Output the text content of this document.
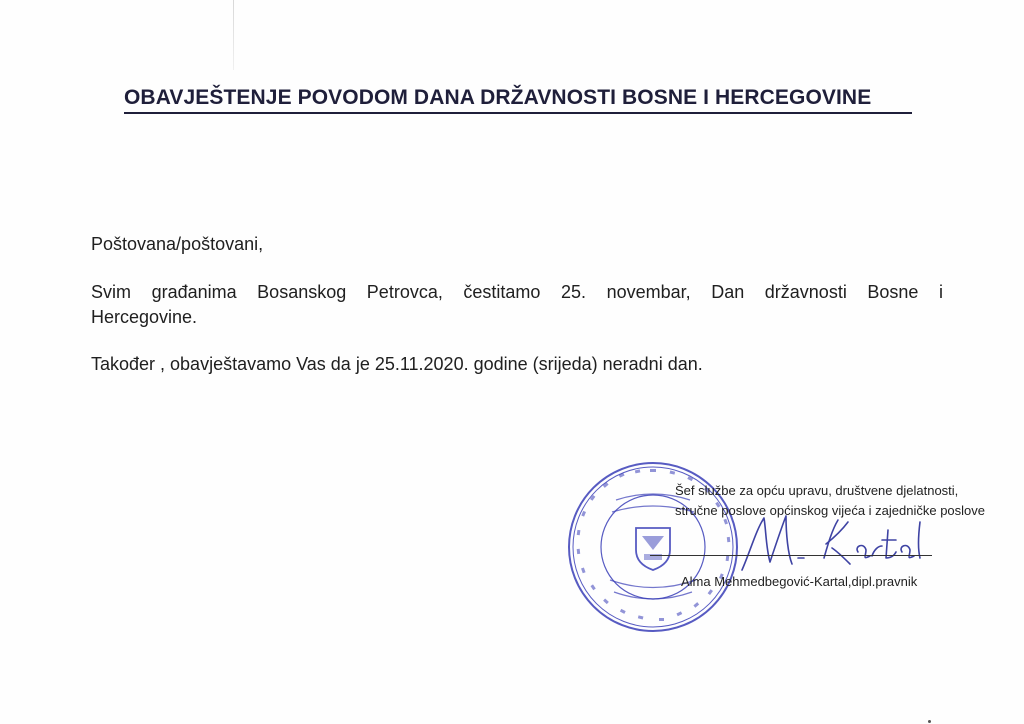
OBAVJEŠTENJE POVODOM DANA DRŽAVNOSTI BOSNE I HERCEGOVINE
Poštovana/poštovani,
Svim građanima Bosanskog Petrovca, čestitamo 25. novembar, Dan državnosti Bosne i
Hercegovine.
Također , obavještavamo Vas da je 25.11.2020. godine (srijeda) neradni dan.
Šef službe za opću upravu, društvene djelatnosti,
stručne poslove općinskog vijeća i zajedničke poslove
Alma Mehmedbegović-Kartal,dipl.pravnik
